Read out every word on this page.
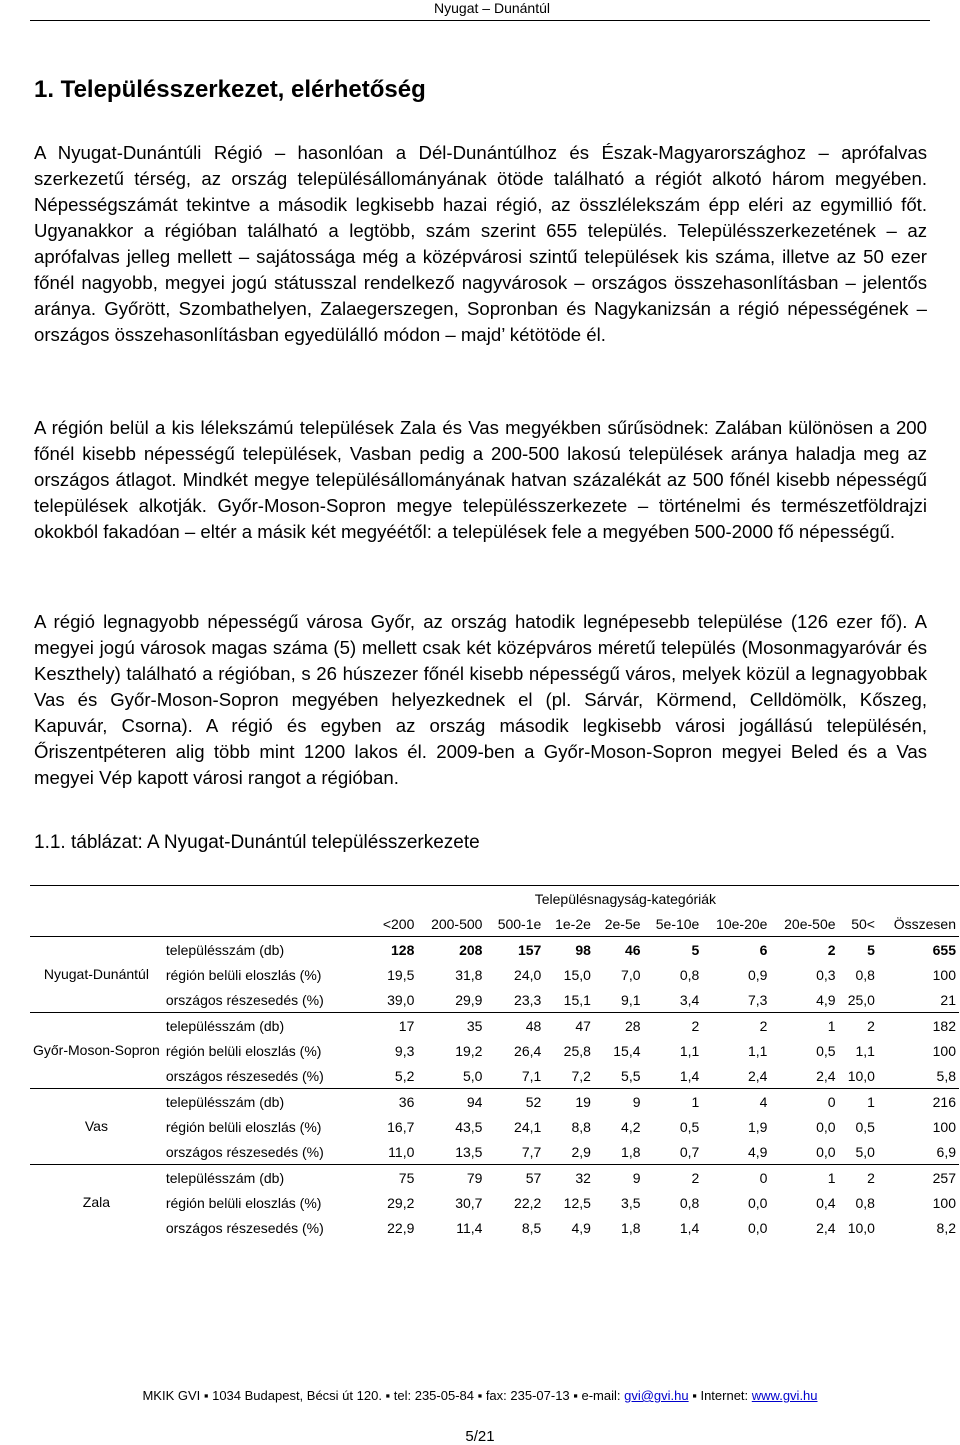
Nyugat – Dunántúl
1. Településszerkezet, elérhetőség

A Nyugat-Dunántúli Régió – hasonlóan a Dél-Dunántúlhoz és Észak-Magyarországhoz – aprófalvas szerkezetű térség, az ország településállományának ötöde található a régiót alkotó három megyében. Népességszámát tekintve a második legkisebb hazai régió, az összlélekszám épp eléri az egymillió főt. Ugyanakkor a régióban található a legtöbb, szám szerint 655 település. Településszerkezetének – az aprófalvas jelleg mellett – sajátossága még a középvárosi szintű települések kis száma, illetve az 50 ezer főnél nagyobb, megyei jogú státusszal rendelkező nagyvárosok – országos összehasonlításban – jelentős aránya. Győrött, Szombathelyen, Zalaegerszegen, Sopronban és Nagykanizsán a régió népességének – országos összehasonlításban egyedülálló módon – majd’ kétötöde él.

A régión belül a kis lélekszámú települések Zala és Vas megyékben sűrűsödnek: Zalában különösen a 200 főnél kisebb népességű települések, Vasban pedig a 200-500 lakosú települések aránya haladja meg az országos átlagot. Mindkét megye településállományának hatvan százalékát az 500 főnél kisebb népességű települések alkotják. Győr-Moson-Sopron megye településszerkezete – történelmi és természetföldrajzi okokból fakadóan – eltér a másik két megyéétől: a települések fele a megyében 500-2000 fő népességű.

A régió legnagyobb népességű városa Győr, az ország hatodik legnépesebb települése (126 ezer fő). A megyei jogú városok magas száma (5) mellett csak két középváros méretű település (Mosonmagyaróvár és Keszthely) található a régióban, s 26 húszezer főnél kisebb népességű város, melyek közül a legnagyobbak Vas és Győr-Moson-Sopron megyében helyezkednek el (pl. Sárvár, Körmend, Celldömölk, Kőszeg, Kapuvár, Csorna). A régió és egyben az ország második legkisebb városi jogállású településén, Őriszentpéteren alig több mint 1200 lakos él. 2009-ben a Győr-Moson-Sopron megyei Beled és a Vas megyei Vép kapott városi rangot a régióban.

1.1. táblázat: A Nyugat-Dunántúl településszerkezete

		Településnagyság-kategóriák									
		<200	200-500	500-1e	1e-2e	2e-5e	5e-10e	10e-20e	20e-50e	50<	Összesen
Nyugat-Dunántúl	településszám (db)	128	208	157	98	46	5	6	2	5	655
	régión belüli eloszlás (%)	19,5	31,8	24,0	15,0	7,0	0,8	0,9	0,3	0,8	100
	országos részesedés (%)	39,0	29,9	23,3	15,1	9,1	3,4	7,3	4,9	25,0	21
Győr-Moson-Sopron	településszám (db)	17	35	48	47	28	2	2	1	2	182
	régión belüli eloszlás (%)	9,3	19,2	26,4	25,8	15,4	1,1	1,1	0,5	1,1	100
	országos részesedés (%)	5,2	5,0	7,1	7,2	5,5	1,4	2,4	2,4	10,0	5,8
Vas	településszám (db)	36	94	52	19	9	1	4	0	1	216
	régión belüli eloszlás (%)	16,7	43,5	24,1	8,8	4,2	0,5	1,9	0,0	0,5	100
	országos részesedés (%)	11,0	13,5	7,7	2,9	1,8	0,7	4,9	0,0	5,0	6,9
Zala	településszám (db)	75	79	57	32	9	2	0	1	2	257
	régión belüli eloszlás (%)	29,2	30,7	22,2	12,5	3,5	0,8	0,0	0,4	0,8	100
	országos részesedés (%)	22,9	11,4	8,5	4,9	1,8	1,4	0,0	2,4	10,0	8,2
MKIK GVI ▪ 1034 Budapest, Bécsi út 120. ▪ tel: 235-05-84 ▪ fax: 235-07-13 ▪ e-mail: gvi@gvi.hu ▪ Internet: www.gvi.hu
5/21
